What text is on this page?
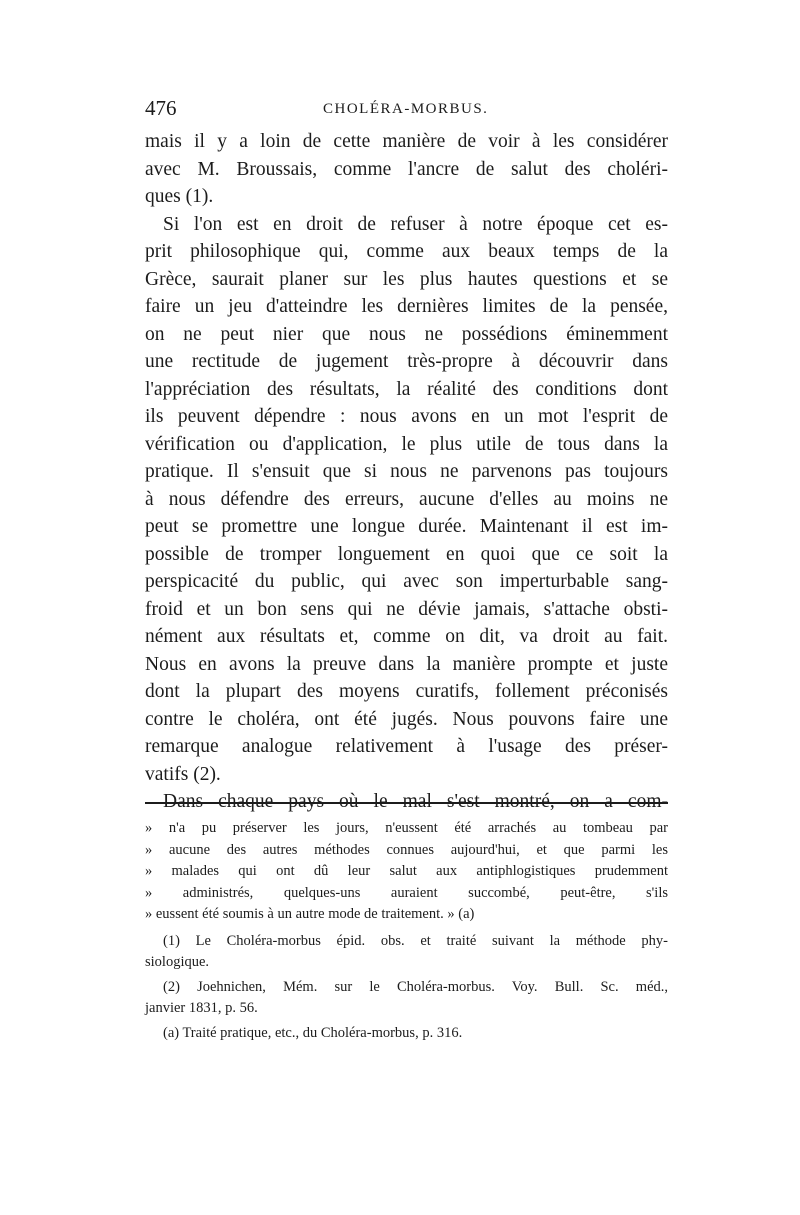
476	CHOLÉRA-MORBUS.
mais il y a loin de cette manière de voir à les considérer
avec M. Broussais, comme l'ancre de salut des choléri-
ques (1).
Si l'on est en droit de refuser à notre époque cet es-
prit philosophique qui, comme aux beaux temps de la
Grèce, saurait planer sur les plus hautes questions et se
faire un jeu d'atteindre les dernières limites de la pensée,
on ne peut nier que nous ne possédions éminemment
une rectitude de jugement très-propre à découvrir dans
l'appréciation des résultats, la réalité des conditions dont
ils peuvent dépendre : nous avons en un mot l'esprit de
vérification ou d'application, le plus utile de tous dans la
pratique. Il s'ensuit que si nous ne parvenons pas toujours
à nous défendre des erreurs, aucune d'elles au moins ne
peut se promettre une longue durée. Maintenant il est im-
possible de tromper longuement en quoi que ce soit la
perspicacité du public, qui avec son imperturbable sang-
froid et un bon sens qui ne dévie jamais, s'attache obsti-
nément aux résultats et, comme on dit, va droit au fait.
Nous en avons la preuve dans la manière prompte et juste
dont la plupart des moyens curatifs, follement préconisés
contre le choléra, ont été jugés. Nous pouvons faire une
remarque analogue relativement à l'usage des préser-
vatifs (2).
Dans chaque pays où le mal s'est montré, on a com-
» n'a pu préserver les jours, n'eussent été arrachés au tombeau par
» aucune des autres méthodes connues aujourd'hui, et que parmi les
» malades qui ont dû leur salut aux antiphlogistiques prudemment
» administrés, quelques-uns auraient succombé, peut-être, s'ils
» eussent été soumis à un autre mode de traitement. » (a)
(1) Le Choléra-morbus épid. obs. et traité suivant la méthode phy-
siologique.
(2) Joehnichen, Mém. sur le Choléra-morbus. Voy. Bull. Sc. méd.,
janvier 1831, p. 56.
(a) Traité pratique, etc., du Choléra-morbus, p. 316.
